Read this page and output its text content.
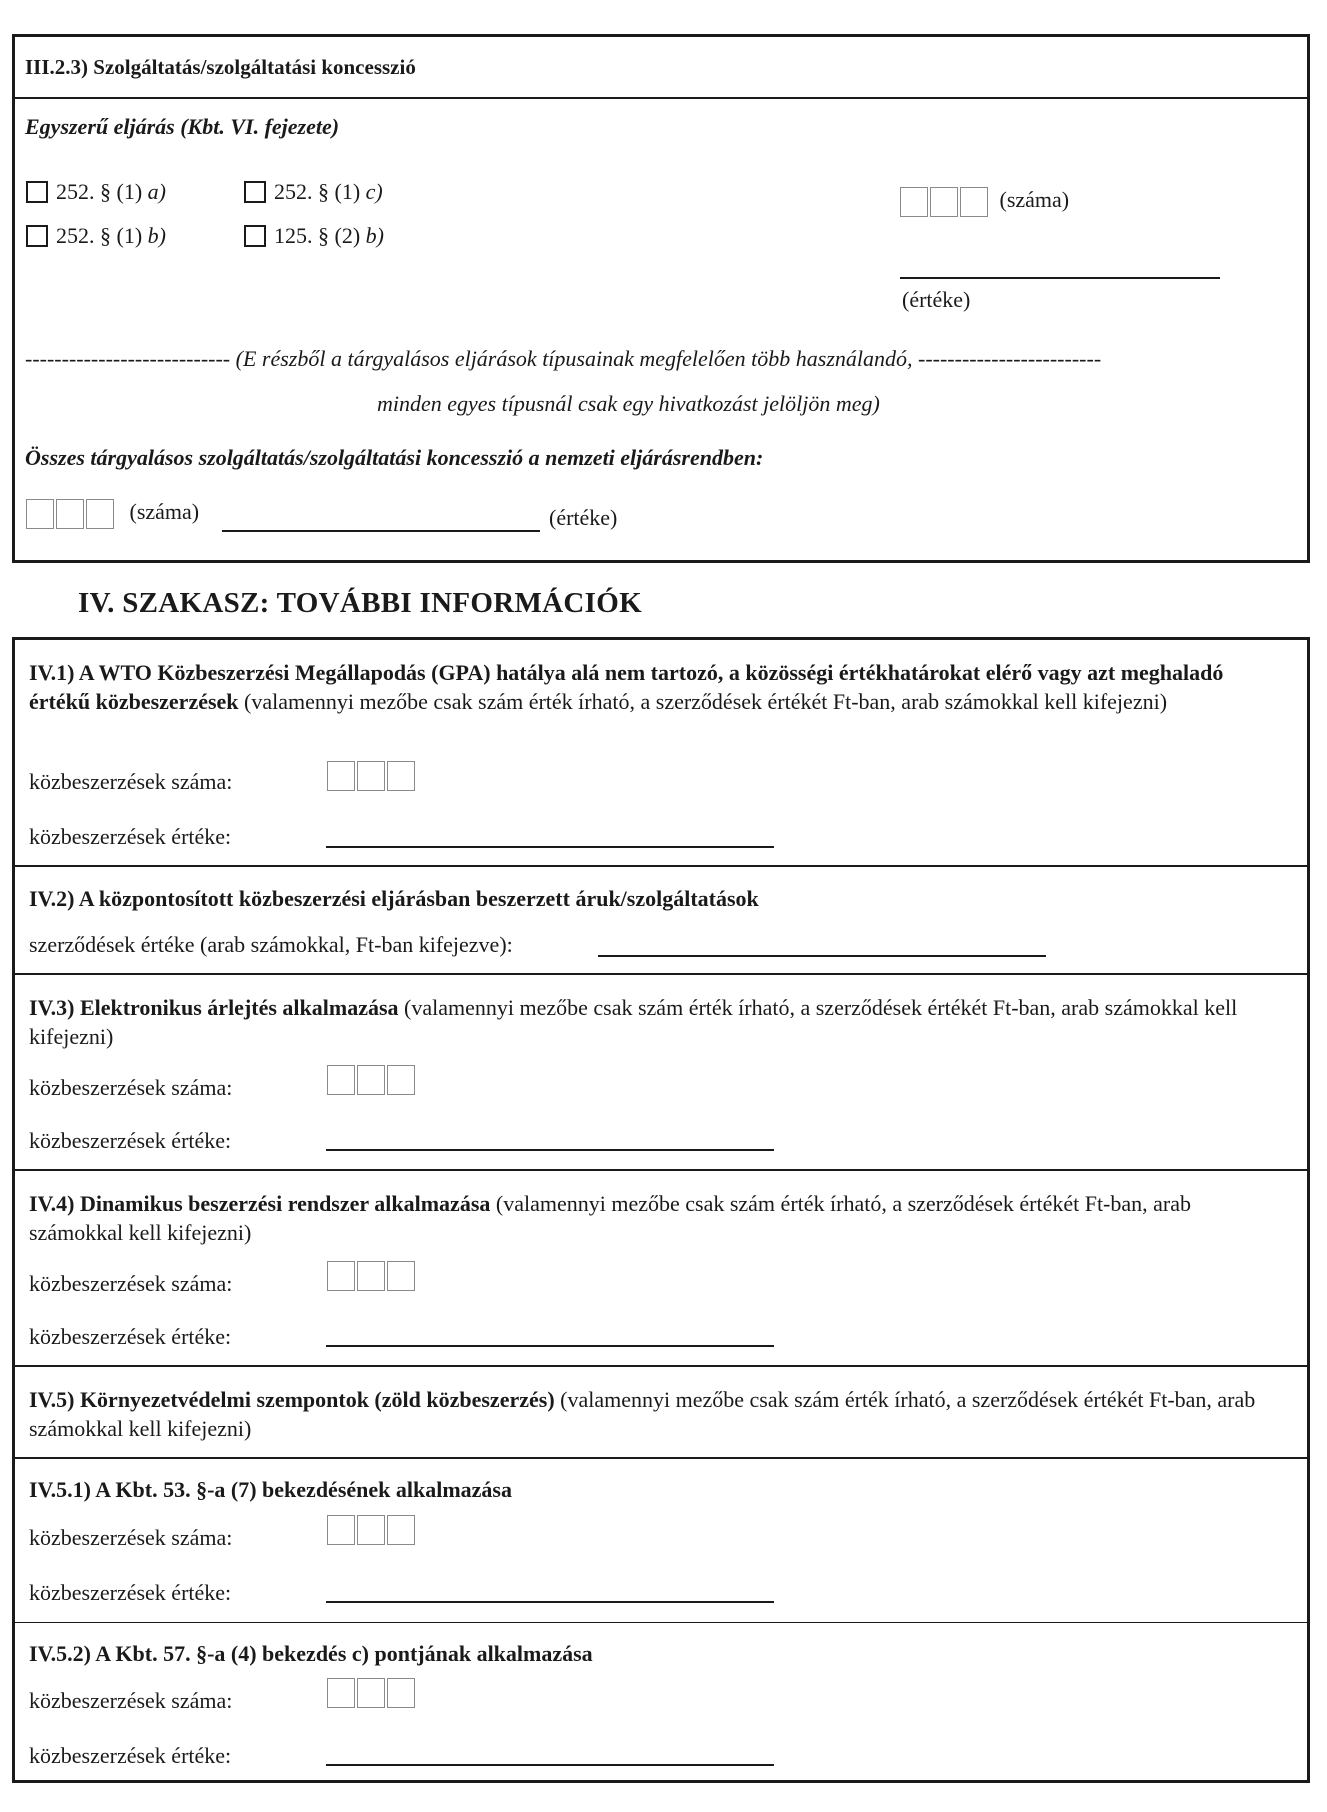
III.2.3) Szolgáltatás/szolgáltatási koncesszió
Egyszerű eljárás (Kbt. VI. fejezete)
252. § (1) a)	252. § (1) c)
252. § (1) b)	125. § (2) b)
(száma)
(értéke)
---------------------------- (E részből a tárgyalásos eljárások típusainak megfelelően több használandó, -------------------------
minden egyes típusnál csak egy hivatkozást jelöljön meg)
Összes tárgyalásos szolgáltatás/szolgáltatási koncesszió a nemzeti eljárásrendben:
(száma)	(értéke)
IV. SZAKASZ: TOVÁBBI INFORMÁCIÓK
IV.1) A WTO Közbeszerzési Megállapodás (GPA) hatálya alá nem tartozó, a közösségi értékhatárokat elérő vagy azt meghaladó értékű közbeszerzések (valamennyi mezőbe csak szám érték írható, a szerződések értékét Ft-ban, arab számokkal kell kifejezni)
közbeszerzések száma:
közbeszerzések értéke:
IV.2) A központosított közbeszerzési eljárásban beszerzett áruk/szolgáltatások
szerződések értéke (arab számokkal, Ft-ban kifejezve):
IV.3) Elektronikus árlejtés alkalmazása (valamennyi mezőbe csak szám érték írható, a szerződések értékét Ft-ban, arab számokkal kell kifejezni)
közbeszerzések száma:
közbeszerzések értéke:
IV.4) Dinamikus beszerzési rendszer alkalmazása (valamennyi mezőbe csak szám érték írható, a szerződések értékét Ft-ban, arab számokkal kell kifejezni)
közbeszerzések száma:
közbeszerzések értéke:
IV.5) Környezetvédelmi szempontok (zöld közbeszerzés) (valamennyi mezőbe csak szám érték írható, a szerződések értékét Ft-ban, arab számokkal kell kifejezni)
IV.5.1) A Kbt. 53. §-a (7) bekezdésének alkalmazása
közbeszerzések száma:
közbeszerzések értéke:
IV.5.2) A Kbt. 57. §-a (4) bekezdés c) pontjának alkalmazása
közbeszerzések száma:
közbeszerzések értéke:
